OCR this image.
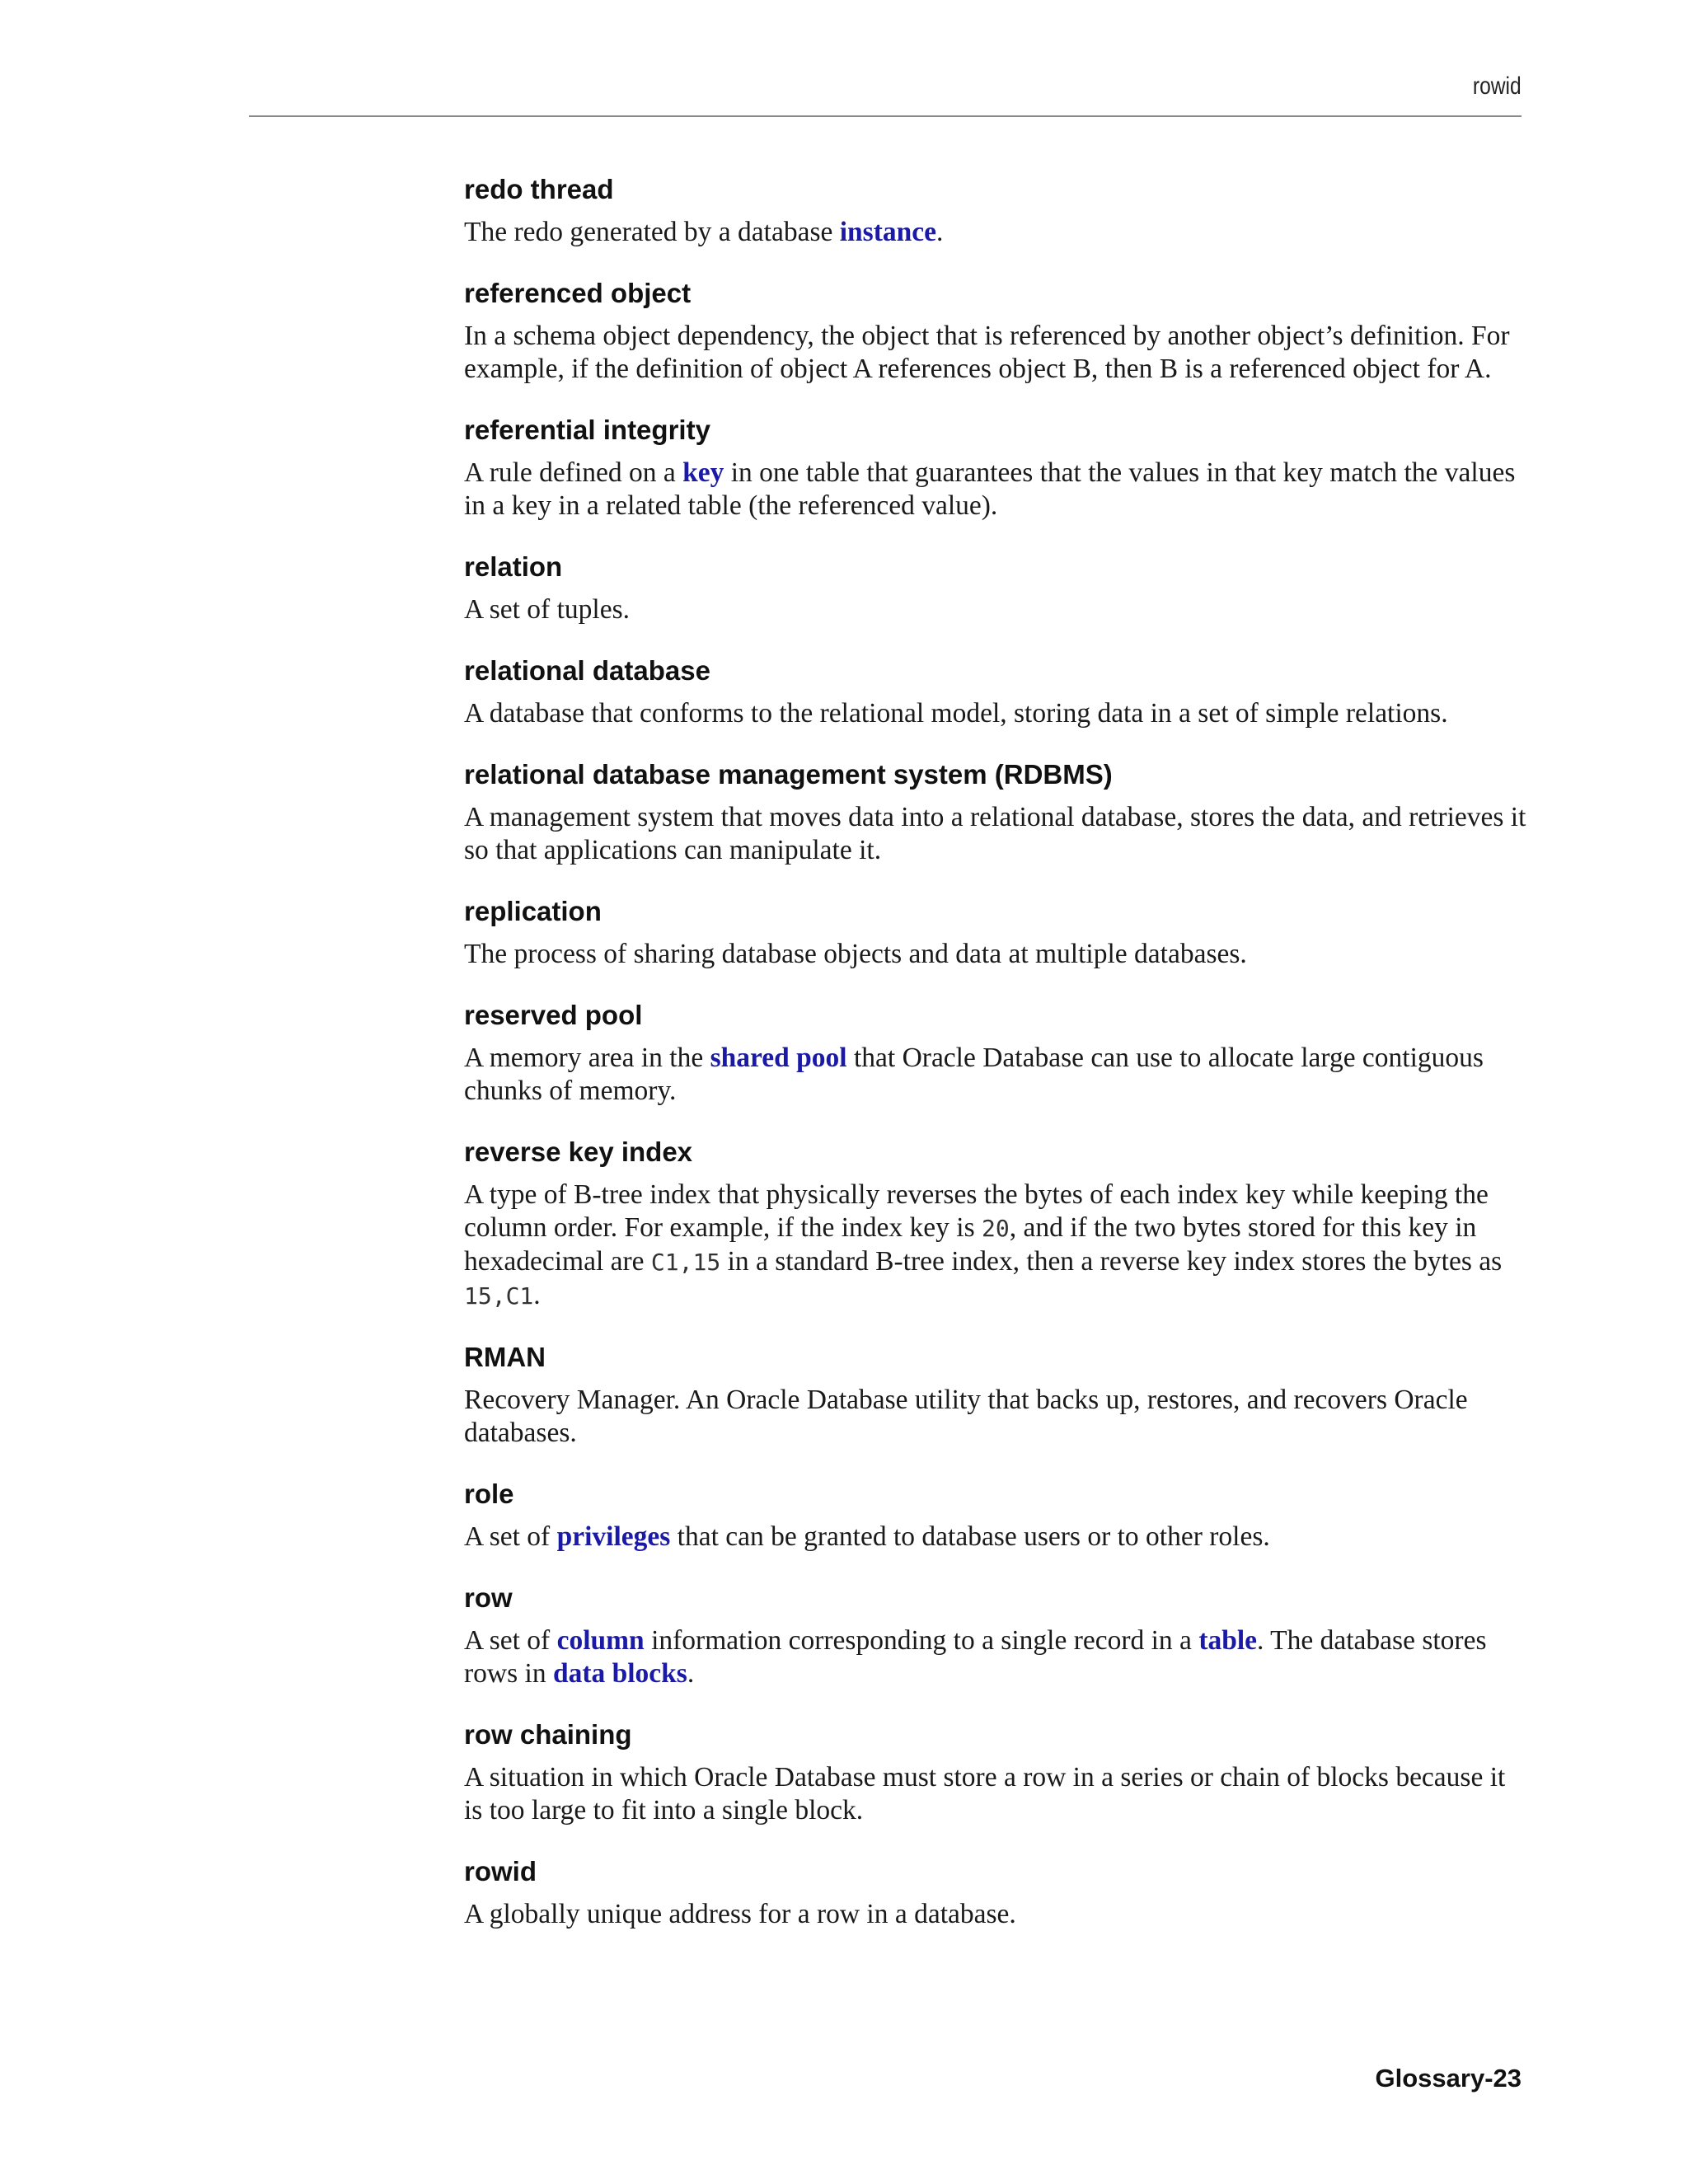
rowid
redo thread

The redo generated by a database instance.

referenced object

In a schema object dependency, the object that is referenced by another object’s definition. For example, if the definition of object A references object B, then B is a referenced object for A.

referential integrity

A rule defined on a key in one table that guarantees that the values in that key match the values in a key in a related table (the referenced value).

relation

A set of tuples.

relational database

A database that conforms to the relational model, storing data in a set of simple relations.

relational database management system (RDBMS)

A management system that moves data into a relational database, stores the data, and retrieves it so that applications can manipulate it.

replication

The process of sharing database objects and data at multiple databases.

reserved pool

A memory area in the shared pool that Oracle Database can use to allocate large contiguous chunks of memory.

reverse key index

A type of B-tree index that physically reverses the bytes of each index key while keeping the column order. For example, if the index key is 20, and if the two bytes stored for this key in hexadecimal are C1,15 in a standard B-tree index, then a reverse key index stores the bytes as 15,C1.

RMAN

Recovery Manager. An Oracle Database utility that backs up, restores, and recovers Oracle databases.

role

A set of privileges that can be granted to database users or to other roles.

row

A set of column information corresponding to a single record in a table. The database stores rows in data blocks.

row chaining

A situation in which Oracle Database must store a row in a series or chain of blocks because it is too large to fit into a single block.

rowid

A globally unique address for a row in a database.

Glossary-23
